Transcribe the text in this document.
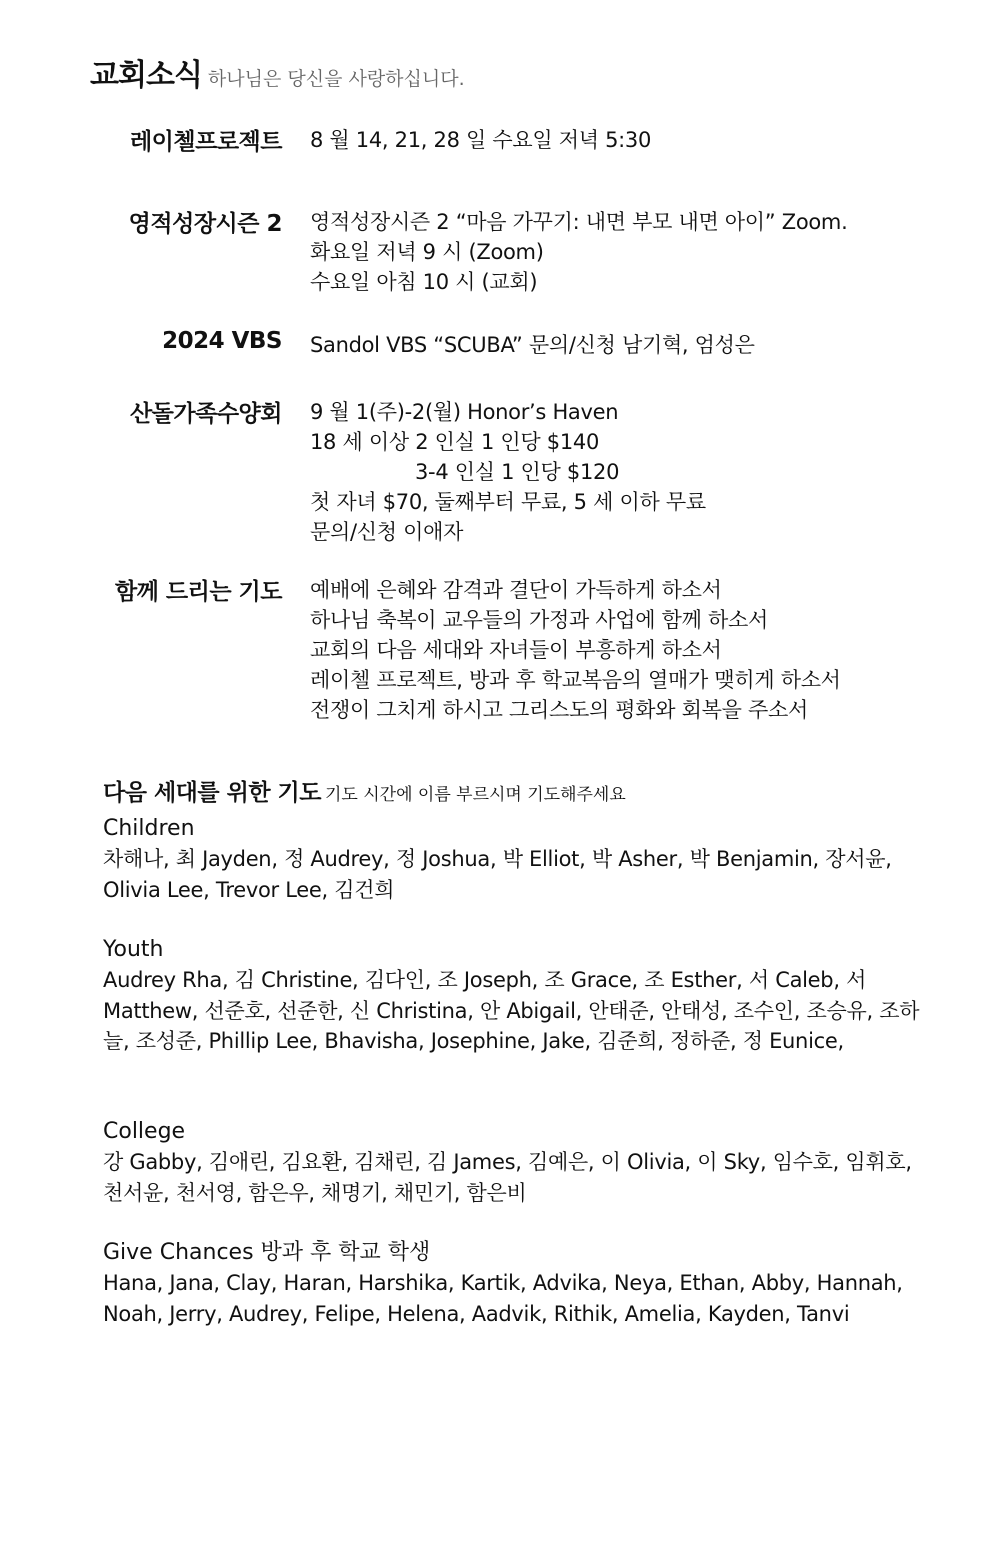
교회소식 하나님은 당신을 사랑하십니다.
레이첼프로젝트 8 월 14, 21, 28 일 수요일 저녁 5:30
영적성장시즌 2 영적성장시즌 2 “마음 가꾸기: 내면 부모 내면 아이” Zoom.
화요일 저녁 9 시 (Zoom)
수요일 아침 10 시 (교회)
2024 VBS Sandol VBS “SCUBA” 문의/신청 남기혁, 엄성은
산돌가족수양회 9 월 1(주)-2(월) Honor’s Haven
18 세 이상 2 인실 1 인당 $140
3-4 인실 1 인당 $120
첫 자녀 $70, 둘째부터 무료, 5 세 이하 무료
문의/신청 이애자
함께 드리는 기도 예배에 은혜와 감격과 결단이 가득하게 하소서
하나님 축복이 교우들의 가정과 사업에 함께 하소서
교회의 다음 세대와 자녀들이 부흥하게 하소서
레이첼 프로젝트, 방과 후 학교복음의 열매가 맺히게 하소서
전쟁이 그치게 하시고 그리스도의 평화와 회복을 주소서
다음 세대를 위한 기도 기도 시간에 이름 부르시며 기도해주세요
Children

차해나, 최 Jayden, 정 Audrey, 정 Joshua, 박 Elliot, 박 Asher, 박 Benjamin, 장서윤, Olivia Lee, Trevor Lee, 김건희

Youth

Audrey Rha, 김 Christine, 김다인, 조 Joseph, 조 Grace, 조 Esther, 서 Caleb, 서 Matthew, 선준호, 선준한, 신 Christina, 안 Abigail, 안태준, 안태성, 조수인, 조승유, 조하늘, 조성준, Phillip Lee, Bhavisha, Josephine, Jake, 김준희, 정하준, 정 Eunice,

College

강 Gabby, 김애린, 김요환, 김채린, 김 James, 김예은, 이 Olivia, 이 Sky, 임수호, 임휘호, 천서윤, 천서영, 함은우, 채명기, 채민기, 함은비

Give Chances 방과 후 학교 학생

Hana, Jana, Clay, Haran, Harshika, Kartik, Advika, Neya, Ethan, Abby, Hannah, Noah, Jerry, Audrey, Felipe, Helena, Aadvik, Rithik, Amelia, Kayden, Tanvi
